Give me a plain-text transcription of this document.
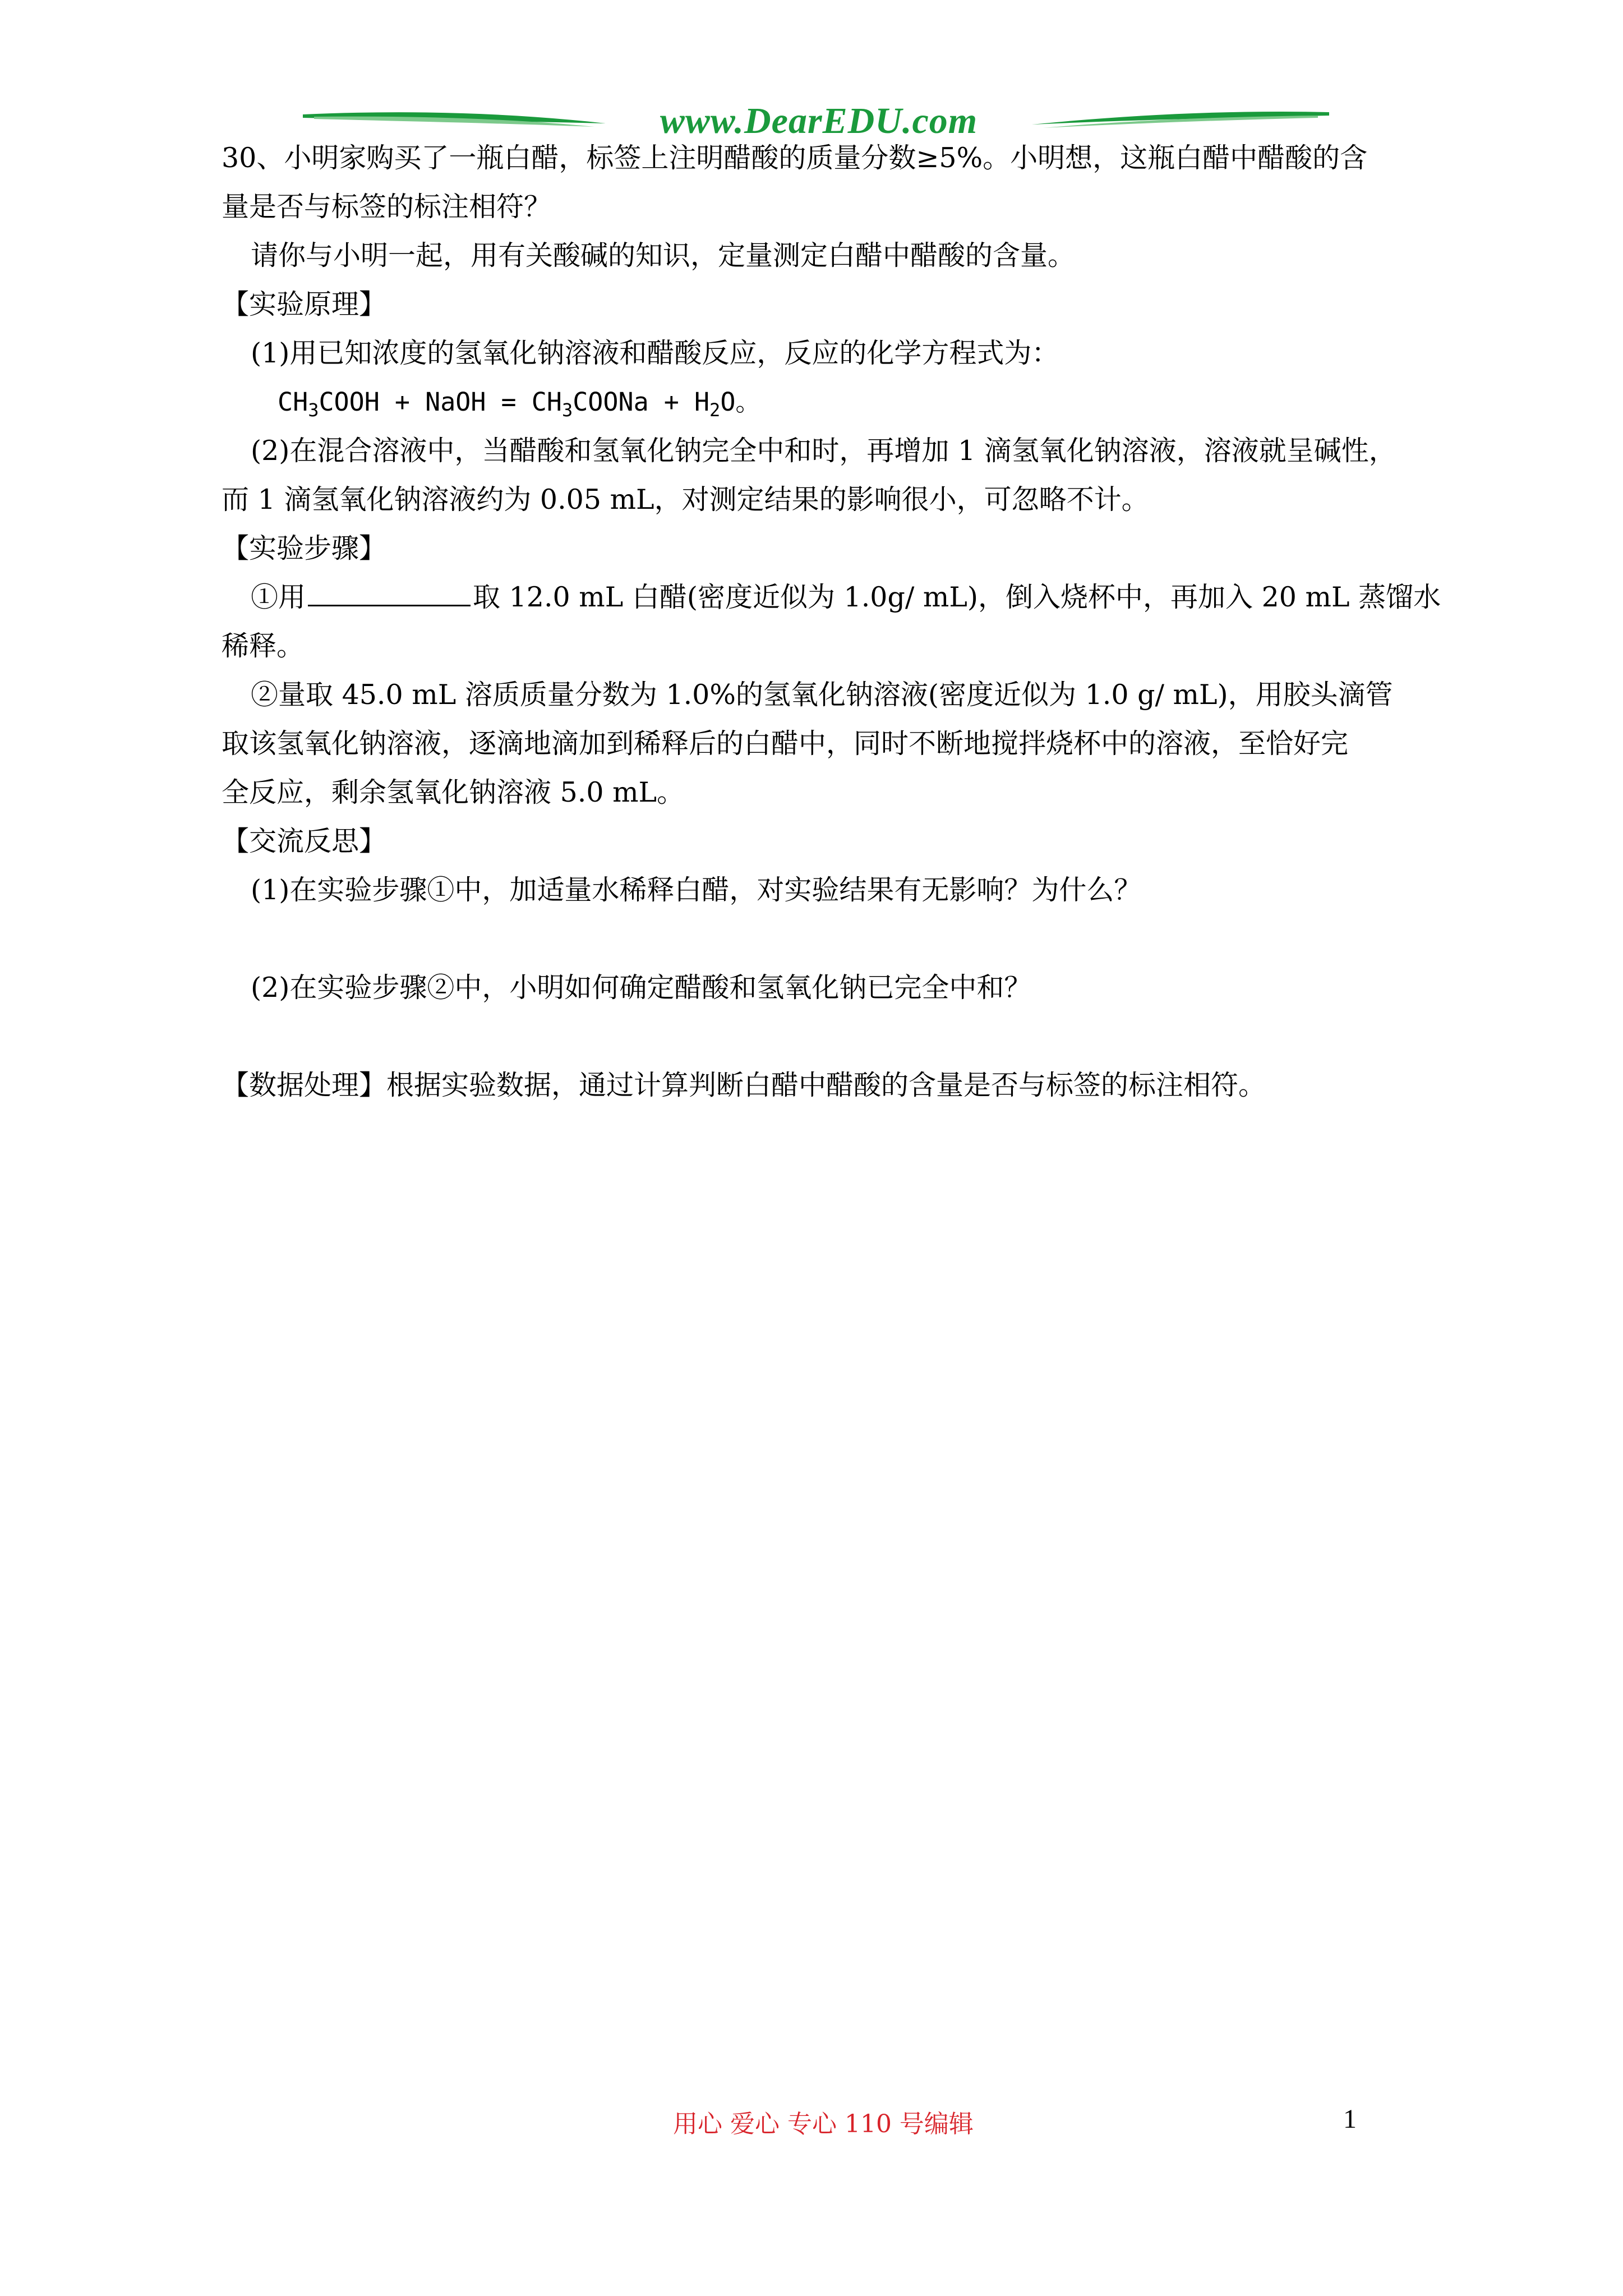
www.DearEDU.com
30、小明家购买了一瓶白醋，标签上注明醋酸的质量分数≥5%。小明想，这瓶白醋中醋酸的含
量是否与标签的标注相符？
请你与小明一起，用有关酸碱的知识，定量测定白醋中醋酸的含量。
【实验原理】
(1)用已知浓度的氢氧化钠溶液和醋酸反应，反应的化学方程式为：
$CH_3COOH$ + NaOH = $CH_3COONa + H_2O$。
(2)在混合溶液中，当醋酸和氢氧化钠完全中和时，再增加 1 滴氢氧化钠溶液，溶液就呈碱性，
而 1 滴氢氧化钠溶液约为 0.05 mL，对测定结果的影响很小，可忽略不计。
【实验步骤】
①用	取 12.0 mL 白醋(密度近似为 1.0g/ mL)，倒入烧杯中，再加入 20 mL 蒸馏水
稀释。
②量取 45.0 mL 溶质质量分数为 1.0%的氢氧化钠溶液(密度近似为 1.0 g/ mL)，用胶头滴管
取该氢氧化钠溶液，逐滴地滴加到稀释后的白醋中，同时不断地搅拌烧杯中的溶液，至恰好完
全反应，剩余氢氧化钠溶液 5.0 mL。
【交流反思】
(1)在实验步骤①中，加适量水稀释白醋，对实验结果有无影响？为什么？
(2)在实验步骤②中，小明如何确定醋酸和氢氧化钠已完全中和？
【数据处理】根据实验数据，通过计算判断白醋中醋酸的含量是否与标签的标注相符。
用心 爱心 专心 110 号编辑	1
